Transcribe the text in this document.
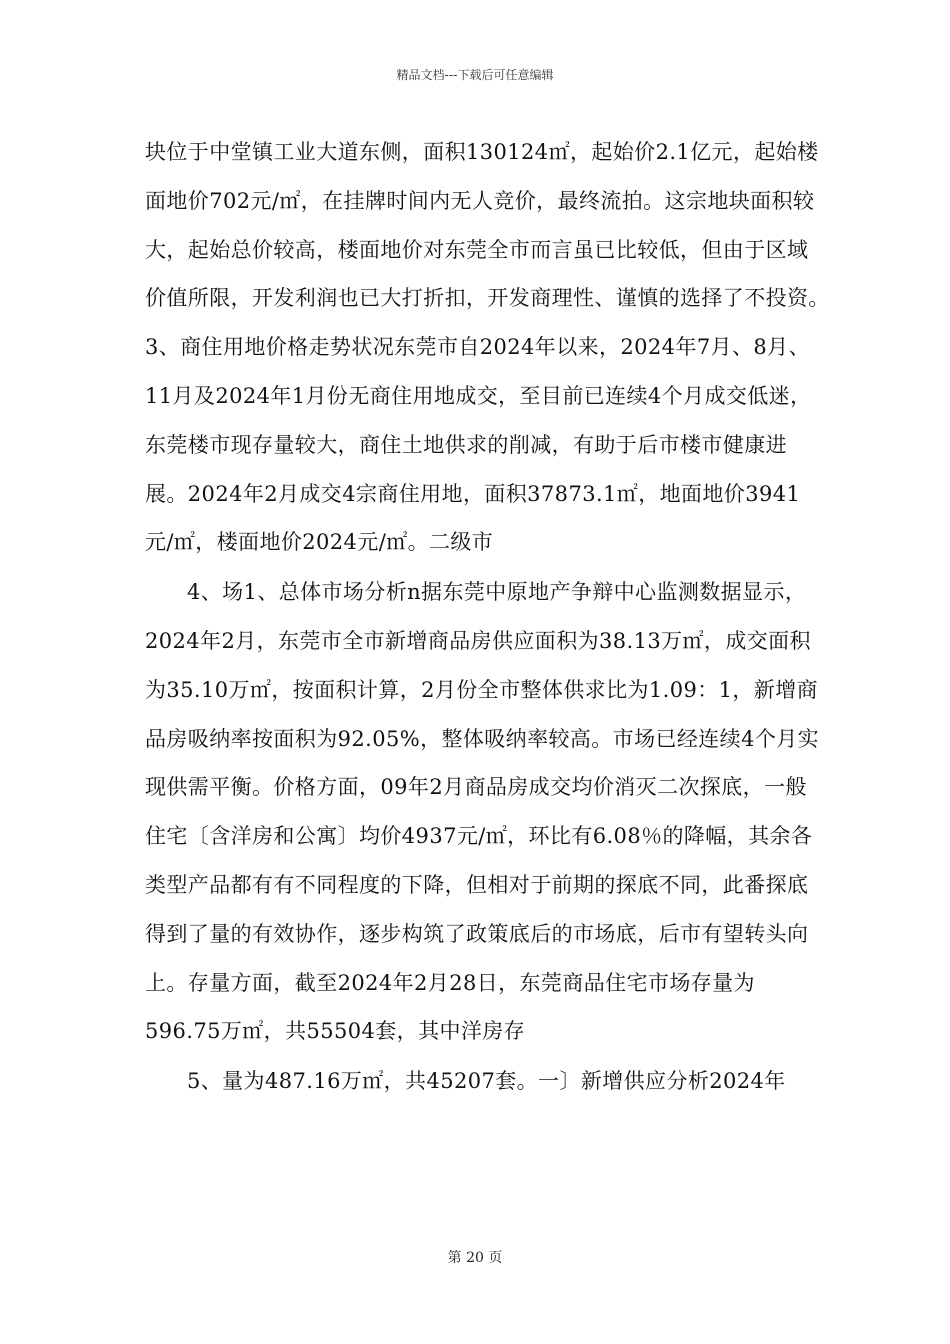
精品文档---下载后可任意编辑

块位于中堂镇工业大道东侧，面积130124㎡，起始价2.1亿元，起始楼面地价702元/㎡，在挂牌时间内无人竞价，最终流拍。这宗地块面积较大，起始总价较高，楼面地价对东莞全市而言虽已比较低，但由于区域价值所限，开发利润也已大打折扣，开发商理性、谨慎的选择了不投资。　3、商住用地价格走势状况东莞市自2024年以来，2024年7月、8月、11月及2024年1月份无商住用地成交，至目前已连续4个月成交低迷，东莞楼市现存量较大，商住土地供求的削减，有助于后市楼市健康进展。2024年2月成交4宗商住用地，面积37873.1㎡，地面地价3941元/㎡，楼面地价2024元/㎡。二级市

4、场1、总体市场分析n据东莞中原地产争辩中心监测数据显示，2024年2月，东莞市全市新增商品房供应面积为38.13万㎡，成交面积为35.10万㎡，按面积计算，2月份全市整体供求比为1.09：1，新增商品房吸纳率按面积为92.05%，整体吸纳率较高。市场已经连续4个月实现供需平衡。价格方面，09年2月商品房成交均价消灭二次探底，一般住宅〔含洋房和公寓〕均价4937元/㎡，环比有6.08％的降幅，其余各类型产品都有有不同程度的下降，但相对于前期的探底不同，此番探底得到了量的有效协作，逐步构筑了政策底后的市场底，后市有望转头向上。存量方面，截至2024年2月28日，东莞商品住宅市场存量为596.75万㎡，共55504套，其中洋房存

5、量为487.16万㎡，共45207套。一〕新增供应分析2024年

第 20 页
